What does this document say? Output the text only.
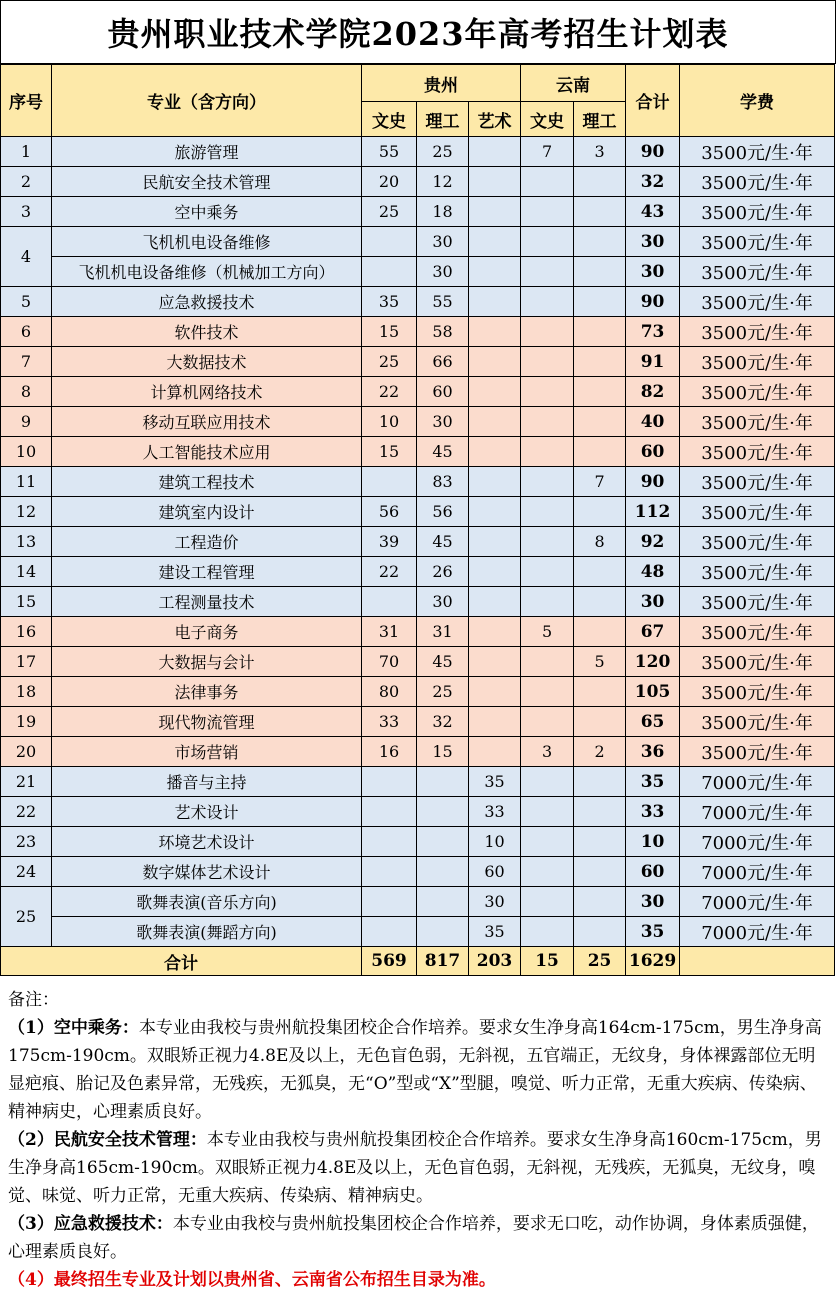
贵州职业技术学院2023年高考招生计划表
序号	专业（含方向）	贵州			云南		合计	学费
		文史	理工	艺术	文史	理工		
1	旅游管理	55	25		7	3	90	3500元/生·年
2	民航安全技术管理	20	12				32	3500元/生·年
3	空中乘务	25	18				43	3500元/生·年
4	飞机机电设备维修		30				30	3500元/生·年
	飞机机电设备维修（机械加工方向）		30				30	3500元/生·年
5	应急救援技术	35	55				90	3500元/生·年
6	软件技术	15	58				73	3500元/生·年
7	大数据技术	25	66				91	3500元/生·年
8	计算机网络技术	22	60				82	3500元/生·年
9	移动互联应用技术	10	30				40	3500元/生·年
10	人工智能技术应用	15	45				60	3500元/生·年
11	建筑工程技术		83			7	90	3500元/生·年
12	建筑室内设计	56	56				112	3500元/生·年
13	工程造价	39	45			8	92	3500元/生·年
14	建设工程管理	22	26				48	3500元/生·年
15	工程测量技术		30				30	3500元/生·年
16	电子商务	31	31		5		67	3500元/生·年
17	大数据与会计	70	45			5	120	3500元/生·年
18	法律事务	80	25				105	3500元/生·年
19	现代物流管理	33	32				65	3500元/生·年
20	市场营销	16	15		3	2	36	3500元/生·年
21	播音与主持			35			35	7000元/生·年
22	艺术设计			33			33	7000元/生·年
23	环境艺术设计			10			10	7000元/生·年
24	数字媒体艺术设计			60			60	7000元/生·年
25	歌舞表演(音乐方向)			30			30	7000元/生·年
	歌舞表演(舞蹈方向)			35			35	7000元/生·年
合计		569	817	203	15	25	1629	

备注：

（1）空中乘务：本专业由我校与贵州航投集团校企合作培养。要求女生净身高164cm-175cm，男生净身高175cm-190cm。双眼矫正视力4.8E及以上，无色盲色弱，无斜视，五官端正，无纹身，身体裸露部位无明显疤痕、胎记及色素异常，无残疾，无狐臭，无“O”型或“X”型腿，嗅觉、听力正常，无重大疾病、传染病、精神病史，心理素质良好。

（2）民航安全技术管理：本专业由我校与贵州航投集团校企合作培养。要求女生净身高160cm-175cm，男生净身高165cm-190cm。双眼矫正视力4.8E及以上，无色盲色弱，无斜视，无残疾，无狐臭，无纹身，嗅觉、味觉、听力正常，无重大疾病、传染病、精神病史。

（3）应急救援技术：本专业由我校与贵州航投集团校企合作培养，要求无口吃，动作协调，身体素质强健，心理素质良好。

（4）最终招生专业及计划以贵州省、云南省公布招生目录为准。
